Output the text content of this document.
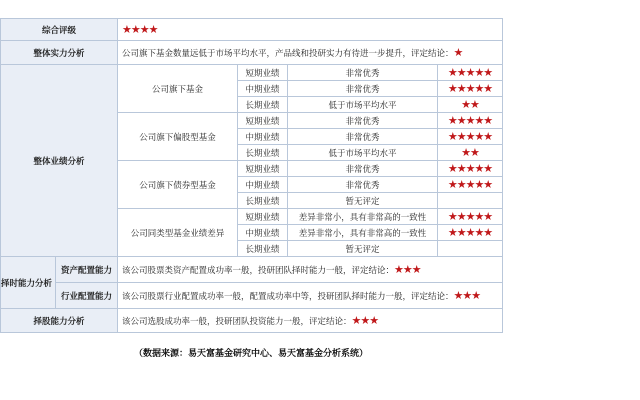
综合评级		★★★★			
整体实力分析		公司旗下基金数量远低于市场平均水平，产品线和投研实力有待进一步提升，评定结论：★			
整体业绩分析		公司旗下基金	短期业绩	非常优秀	★★★★★
			中期业绩	非常优秀	★★★★★
			长期业绩	低于市场平均水平	★★
		公司旗下偏股型基金	短期业绩	非常优秀	★★★★★
			中期业绩	非常优秀	★★★★★
			长期业绩	低于市场平均水平	★★
		公司旗下债券型基金	短期业绩	非常优秀	★★★★★
			中期业绩	非常优秀	★★★★★
			长期业绩	暂无评定	
		公司同类型基金业绩差异	短期业绩	差异非常小，具有非常高的一致性	★★★★★
			中期业绩	差异非常小，具有非常高的一致性	★★★★★
			长期业绩	暂无评定	
择时能力分析	资产配置能力	该公司股票类资产配置成功率一般，投研团队择时能力一般，评定结论：★★★			
	行业配置能力	该公司股票行业配置成功率一般，配置成功率中等，投研团队择时能力一般，评定结论：★★★			
择股能力分析		该公司选股成功率一般，投研团队投资能力一般，评定结论：★★★			
（数据来源：易天富基金研究中心、易天富基金分析系统）
